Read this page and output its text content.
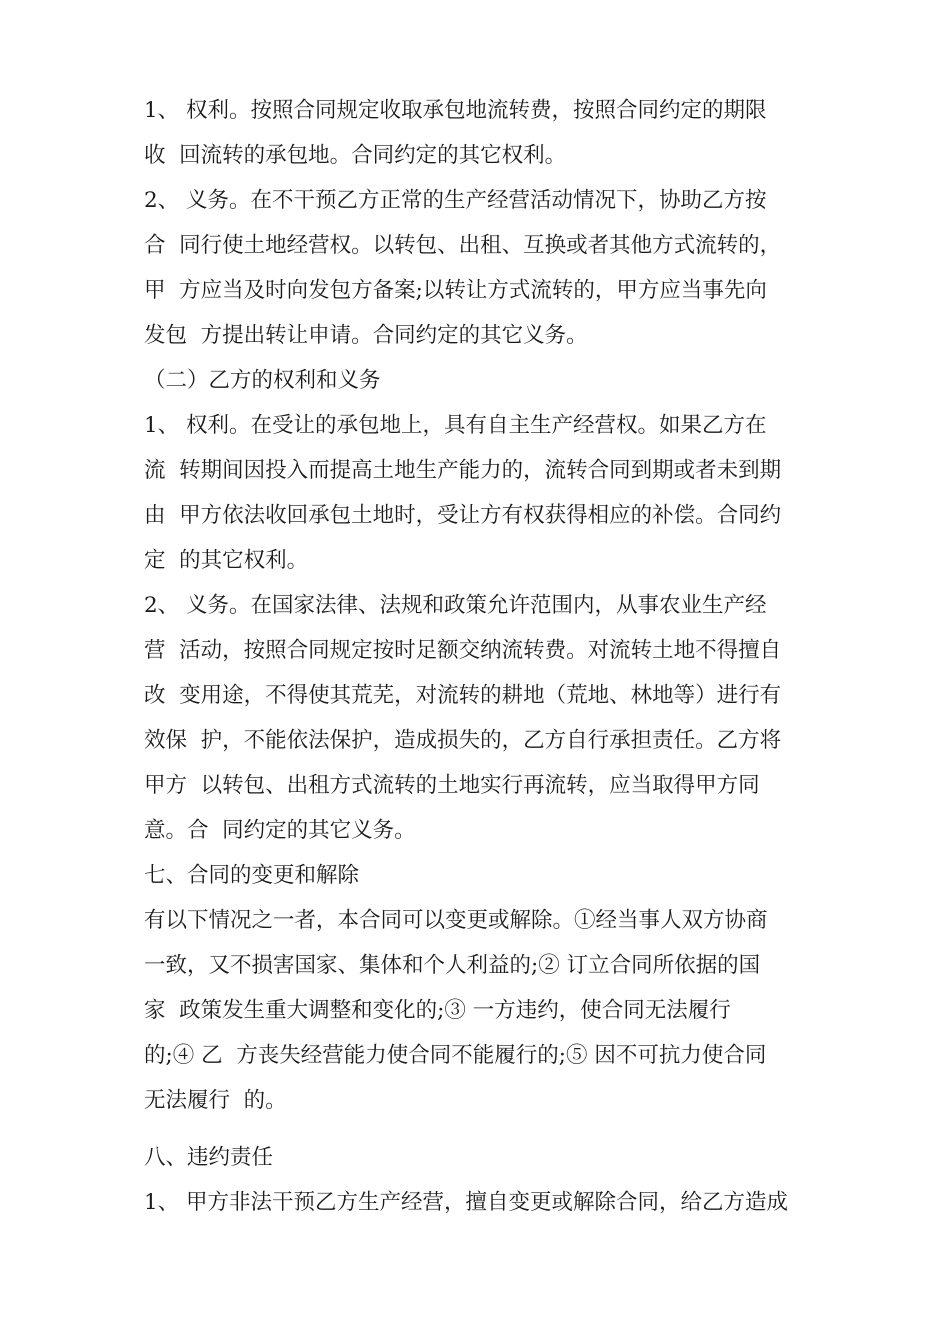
1、 权利。按照合同规定收取承包地流转费，按照合同约定的期限
收  回流转的承包地。合同约定的其它权利。
2、 义务。在不干预乙方正常的生产经营活动情况下，协助乙方按
合  同行使土地经营权。以转包、出租、互换或者其他方式流转的，
甲  方应当及时向发包方备案;以转让方式流转的，甲方应当事先向
发包  方提出转让申请。合同约定的其它义务。
（二）乙方的权利和义务
1、 权利。在受让的承包地上，具有自主生产经营权。如果乙方在
流  转期间因投入而提高土地生产能力的，流转合同到期或者未到期
由  甲方依法收回承包土地时，受让方有权获得相应的补偿。合同约
定  的其它权利。
2、 义务。在国家法律、法规和政策允许范围内，从事农业生产经
营  活动，按照合同规定按时足额交纳流转费。对流转土地不得擅自
改  变用途，不得使其荒芜，对流转的耕地（荒地、林地等）进行有
效保  护，不能依法保护，造成损失的，乙方自行承担责任。乙方将
甲方  以转包、出租方式流转的土地实行再流转，应当取得甲方同
意。合  同约定的其它义务。
七、合同的变更和解除
有以下情况之一者，本合同可以变更或解除。①经当事人双方协商
一致，又不损害国家、集体和个人利益的;② 订立合同所依据的国
家  政策发生重大调整和变化的;③ 一方违约，使合同无法履行
的;④ 乙  方丧失经营能力使合同不能履行的;⑤ 因不可抗力使合同
无法履行  的。
八、违约责任
1、 甲方非法干预乙方生产经营，擅自变更或解除合同，给乙方造成
